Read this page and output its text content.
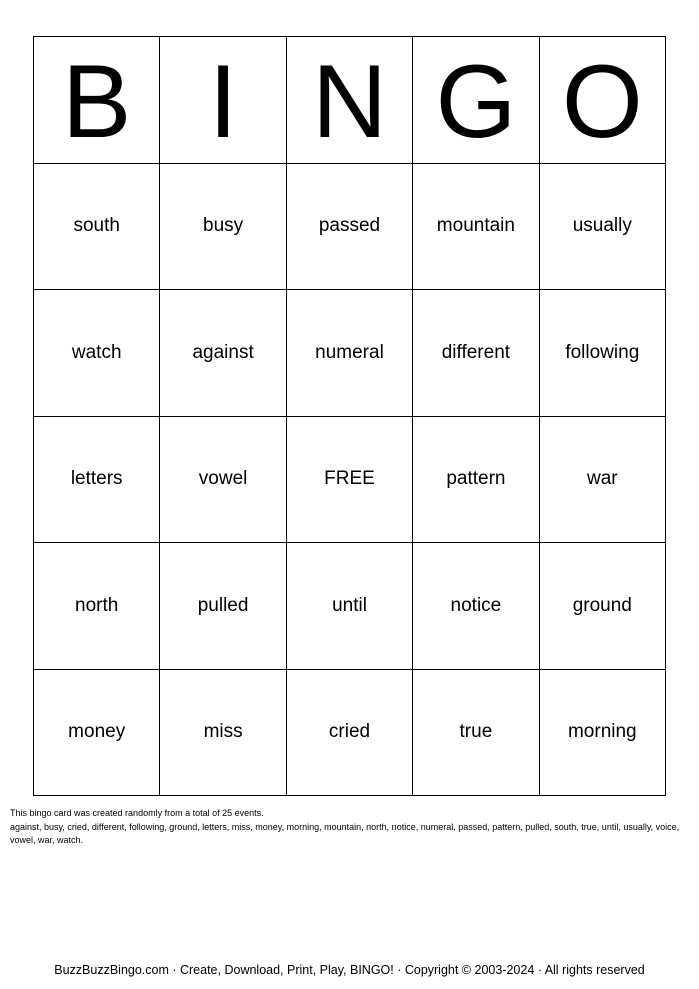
B I N G O
south	busy	passed	mountain	usually
watch	against	numeral	different	following
letters	vowel	FREE	pattern	war
north	pulled	until	notice	ground
money	miss	cried	true	morning
This bingo card was created randomly from a total of 25 events.
against, busy, cried, different, following, ground, letters, miss, money, morning, mountain, north, notice, numeral, passed, pattern, pulled, south, true, until, usually, voice, vowel, war, watch.
BuzzBuzzBingo.com · Create, Download, Print, Play, BINGO! · Copyright © 2003-2024 · All rights reserved
